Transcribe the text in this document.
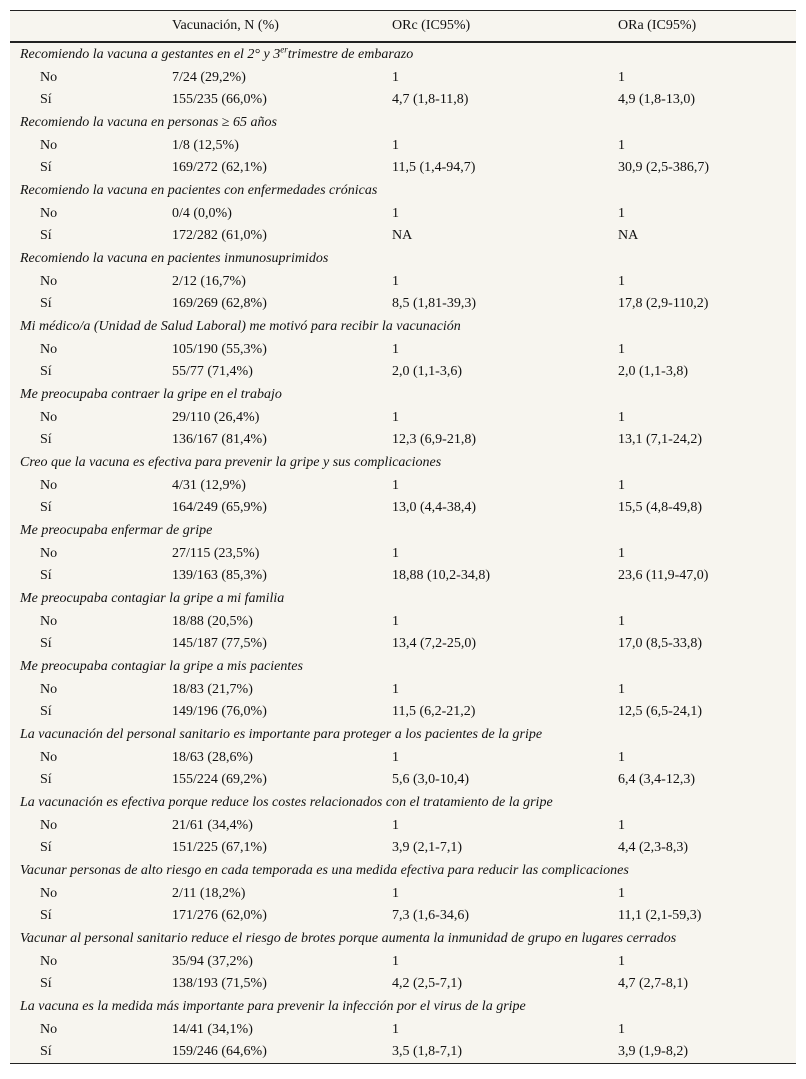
	Vacunación, N (%)	ORc (IC95%)	ORa (IC95%)
Recomiendo la vacuna a gestantes en el 2° y 3ertrimestre de embarazo			
No	7/24 (29,2%)	1	1
Sí	155/235 (66,0%)	4,7 (1,8-11,8)	4,9 (1,8-13,0)
Recomiendo la vacuna en personas ≥ 65 años			
No	1/8 (12,5%)	1	1
Sí	169/272 (62,1%)	11,5 (1,4-94,7)	30,9 (2,5-386,7)
Recomiendo la vacuna en pacientes con enfermedades crónicas			
No	0/4 (0,0%)	1	1
Sí	172/282 (61,0%)	NA	NA
Recomiendo la vacuna en pacientes inmunosuprimidos			
No	2/12 (16,7%)	1	1
Sí	169/269 (62,8%)	8,5 (1,81-39,3)	17,8 (2,9-110,2)
Mi médico/a (Unidad de Salud Laboral) me motivó para recibir la vacunación			
No	105/190 (55,3%)	1	1
Sí	55/77 (71,4%)	2,0 (1,1-3,6)	2,0 (1,1-3,8)
Me preocupaba contraer la gripe en el trabajo			
No	29/110 (26,4%)	1	1
Sí	136/167 (81,4%)	12,3 (6,9-21,8)	13,1 (7,1-24,2)
Creo que la vacuna es efectiva para prevenir la gripe y sus complicaciones			
No	4/31 (12,9%)	1	1
Sí	164/249 (65,9%)	13,0 (4,4-38,4)	15,5 (4,8-49,8)
Me preocupaba enfermar de gripe			
No	27/115 (23,5%)	1	1
Sí	139/163 (85,3%)	18,88 (10,2-34,8)	23,6 (11,9-47,0)
Me preocupaba contagiar la gripe a mi familia			
No	18/88 (20,5%)	1	1
Sí	145/187 (77,5%)	13,4 (7,2-25,0)	17,0 (8,5-33,8)
Me preocupaba contagiar la gripe a mis pacientes			
No	18/83 (21,7%)	1	1
Sí	149/196 (76,0%)	11,5 (6,2-21,2)	12,5 (6,5-24,1)
La vacunación del personal sanitario es importante para proteger a los pacientes de la gripe			
No	18/63 (28,6%)	1	1
Sí	155/224 (69,2%)	5,6 (3,0-10,4)	6,4 (3,4-12,3)
La vacunación es efectiva porque reduce los costes relacionados con el tratamiento de la gripe			
No	21/61 (34,4%)	1	1
Sí	151/225 (67,1%)	3,9 (2,1-7,1)	4,4 (2,3-8,3)
Vacunar personas de alto riesgo en cada temporada es una medida efectiva para reducir las complicaciones			
No	2/11 (18,2%)	1	1
Sí	171/276 (62,0%)	7,3 (1,6-34,6)	11,1 (2,1-59,3)
Vacunar al personal sanitario reduce el riesgo de brotes porque aumenta la inmunidad de grupo en lugares cerrados			
No	35/94 (37,2%)	1	1
Sí	138/193 (71,5%)	4,2 (2,5-7,1)	4,7 (2,7-8,1)
La vacuna es la medida más importante para prevenir la infección por el virus de la gripe			
No	14/41 (34,1%)	1	1
Sí	159/246 (64,6%)	3,5 (1,8-7,1)	3,9 (1,9-8,2)
